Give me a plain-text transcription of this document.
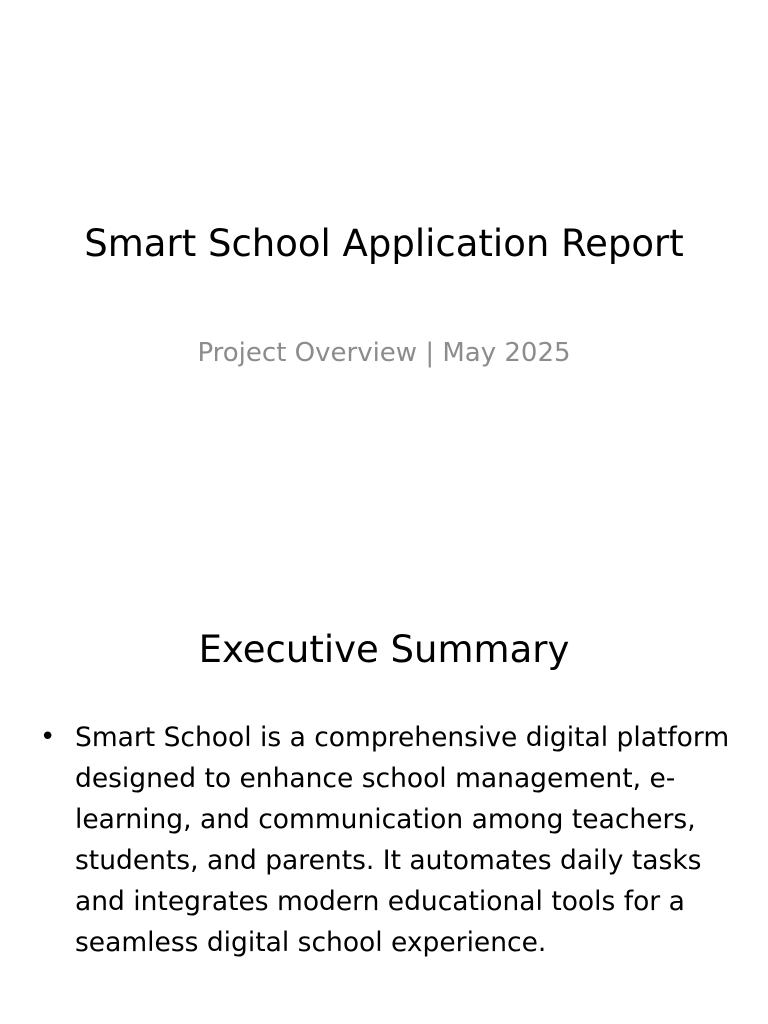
Smart School Application Report

Project Overview | May 2025

Executive Summary
• Smart School is a comprehensive digital platform designed to enhance school management, e-learning, and communication among teachers, students, and parents. It automates daily tasks and integrates modern educational tools for a seamless digital school experience.
